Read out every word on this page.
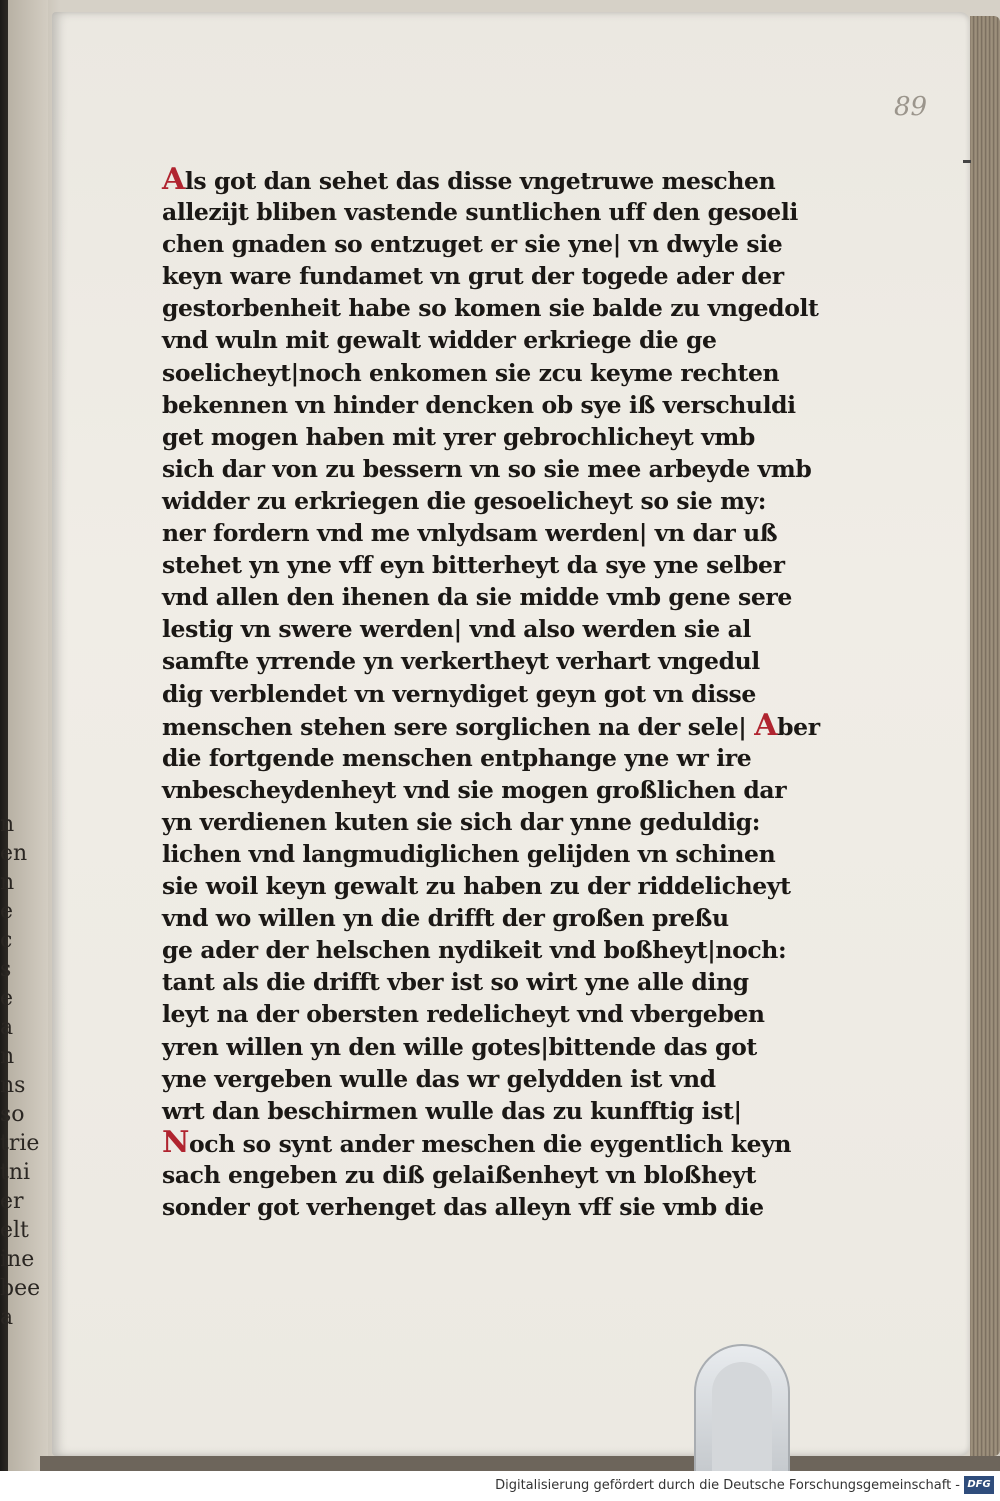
n
en
n
e
c
s
e
a
n
ns
so
trie
tni
er
elt
ine
bee
a
89
Als got dan sehet das disse vngetruwe meschen
allezijt bliben vastende suntlichen uff den gesoeli
chen gnaden so entzuget er sie yne| vn dwyle sie
keyn ware fundamet vn grut der togede ader der
gestorbenheit habe so komen sie balde zu vngedolt
vnd wuln mit gewalt widder erkriege die ge
soelicheyt|noch enkomen sie zcu keyme rechten
bekennen vn hinder dencken ob sye iß verschuldi
get mogen haben mit yrer gebrochlicheyt vmb
sich dar von zu bessern vn so sie mee arbeyde vmb
widder zu erkriegen die gesoelicheyt so sie my:
ner fordern vnd me vnlydsam werden| vn dar uß
stehet yn yne vff eyn bitterheyt da sye yne selber
vnd allen den ihenen da sie midde vmb gene sere
lestig vn swere werden| vnd also werden sie al
samfte yrrende yn verkertheyt verhart vngedul
dig verblendet vn vernydiget geyn got vn disse
menschen stehen sere sorglichen na der sele| Aber
die fortgende menschen entphange yne wr ire
vnbescheydenheyt vnd sie mogen großlichen dar
yn verdienen kuten sie sich dar ynne geduldig:
lichen vnd langmudiglichen gelijden vn schinen
sie woil keyn gewalt zu haben zu der riddelicheyt
vnd wo willen yn die drifft der großen preßu
ge ader der helschen nydikeit vnd boßheyt|noch:
tant als die drifft vber ist so wirt yne alle ding
leyt na der obersten redelicheyt vnd vbergeben
yren willen yn den wille gotes|bittende das got
yne vergeben wulle das wr gelydden ist vnd
wrt dan beschirmen wulle das zu kunfftig ist|
Noch so synt ander meschen die eygentlich keyn
sach engeben zu diß gelaißenheyt vn bloßheyt
sonder got verhenget das alleyn vff sie vmb die
Digitalisierung gefördert durch die Deutsche Forschungsgemeinschaft - DFG
